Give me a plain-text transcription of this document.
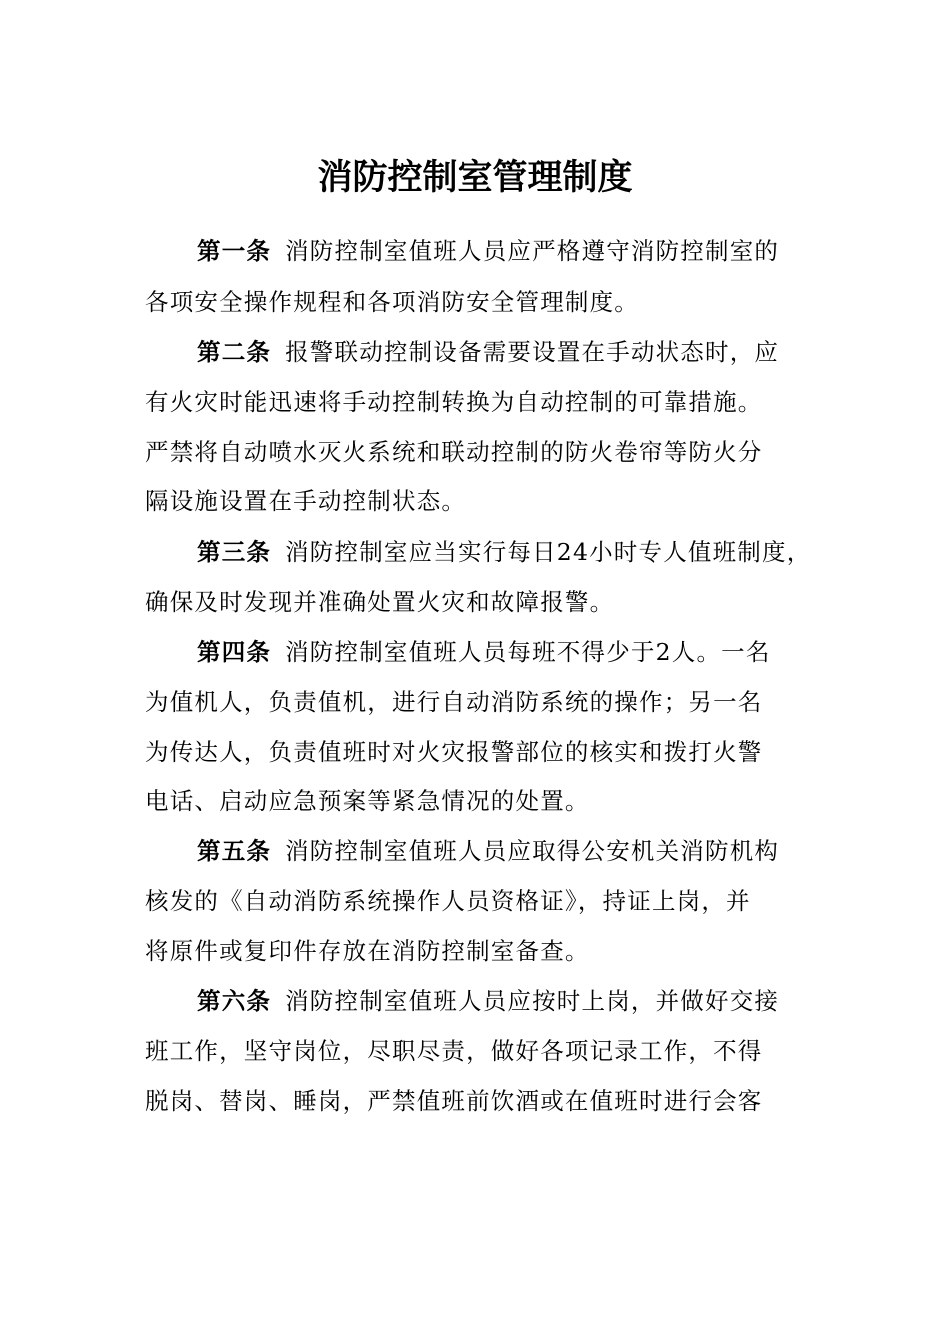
消防控制室管理制度

第一条 消防控制室值班人员应严格遵守消防控制室的

各项安全操作规程和各项消防安全管理制度。

第二条 报警联动控制设备需要设置在手动状态时，应

有火灾时能迅速将手动控制转换为自动控制的可靠措施。

严禁将自动喷水灭火系统和联动控制的防火卷帘等防火分

隔设施设置在手动控制状态。

第三条 消防控制室应当实行每日24小时专人值班制度，

确保及时发现并准确处置火灾和故障报警。

第四条 消防控制室值班人员每班不得少于2人。一名

为值机人，负责值机，进行自动消防系统的操作；另一名

为传达人，负责值班时对火灾报警部位的核实和拨打火警

电话、启动应急预案等紧急情况的处置。

第五条 消防控制室值班人员应取得公安机关消防机构

核发的《自动消防系统操作人员资格证》，持证上岗，并

将原件或复印件存放在消防控制室备查。

第六条 消防控制室值班人员应按时上岗，并做好交接

班工作，坚守岗位，尽职尽责，做好各项记录工作，不得

脱岗、替岗、睡岗，严禁值班前饮酒或在值班时进行会客
